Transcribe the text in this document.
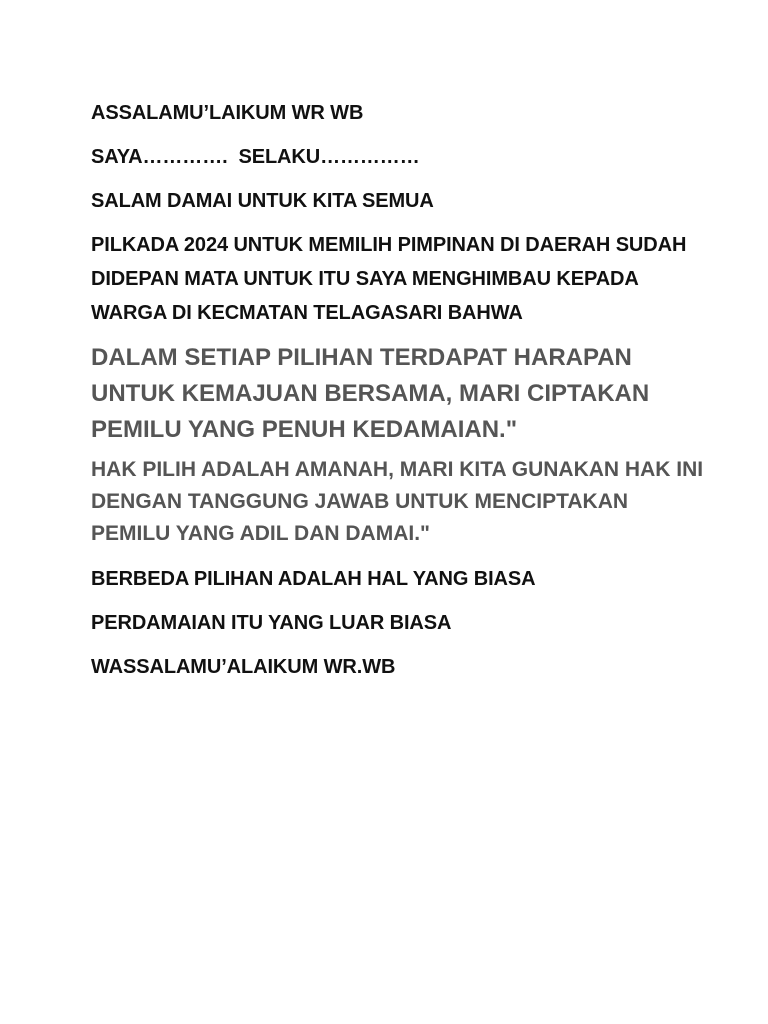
ASSALAMU’LAIKUM WR WB

SAYA………….  SELAKU……………

SALAM DAMAI UNTUK KITA SEMUA

PILKADA 2024 UNTUK MEMILIH PIMPINAN DI DAERAH SUDAH DIDEPAN MATA UNTUK ITU SAYA MENGHIMBAU KEPADA WARGA DI KECMATAN TELAGASARI BAHWA

DALAM SETIAP PILIHAN TERDAPAT HARAPAN UNTUK KEMAJUAN BERSAMA, MARI CIPTAKAN PEMILU YANG PENUH KEDAMAIAN."

HAK PILIH ADALAH AMANAH, MARI KITA GUNAKAN HAK INI DENGAN TANGGUNG JAWAB UNTUK MENCIPTAKAN PEMILU YANG ADIL DAN DAMAI."

BERBEDA PILIHAN ADALAH HAL YANG BIASA

PERDAMAIAN ITU YANG LUAR BIASA

WASSALAMU’ALAIKUM WR.WB
